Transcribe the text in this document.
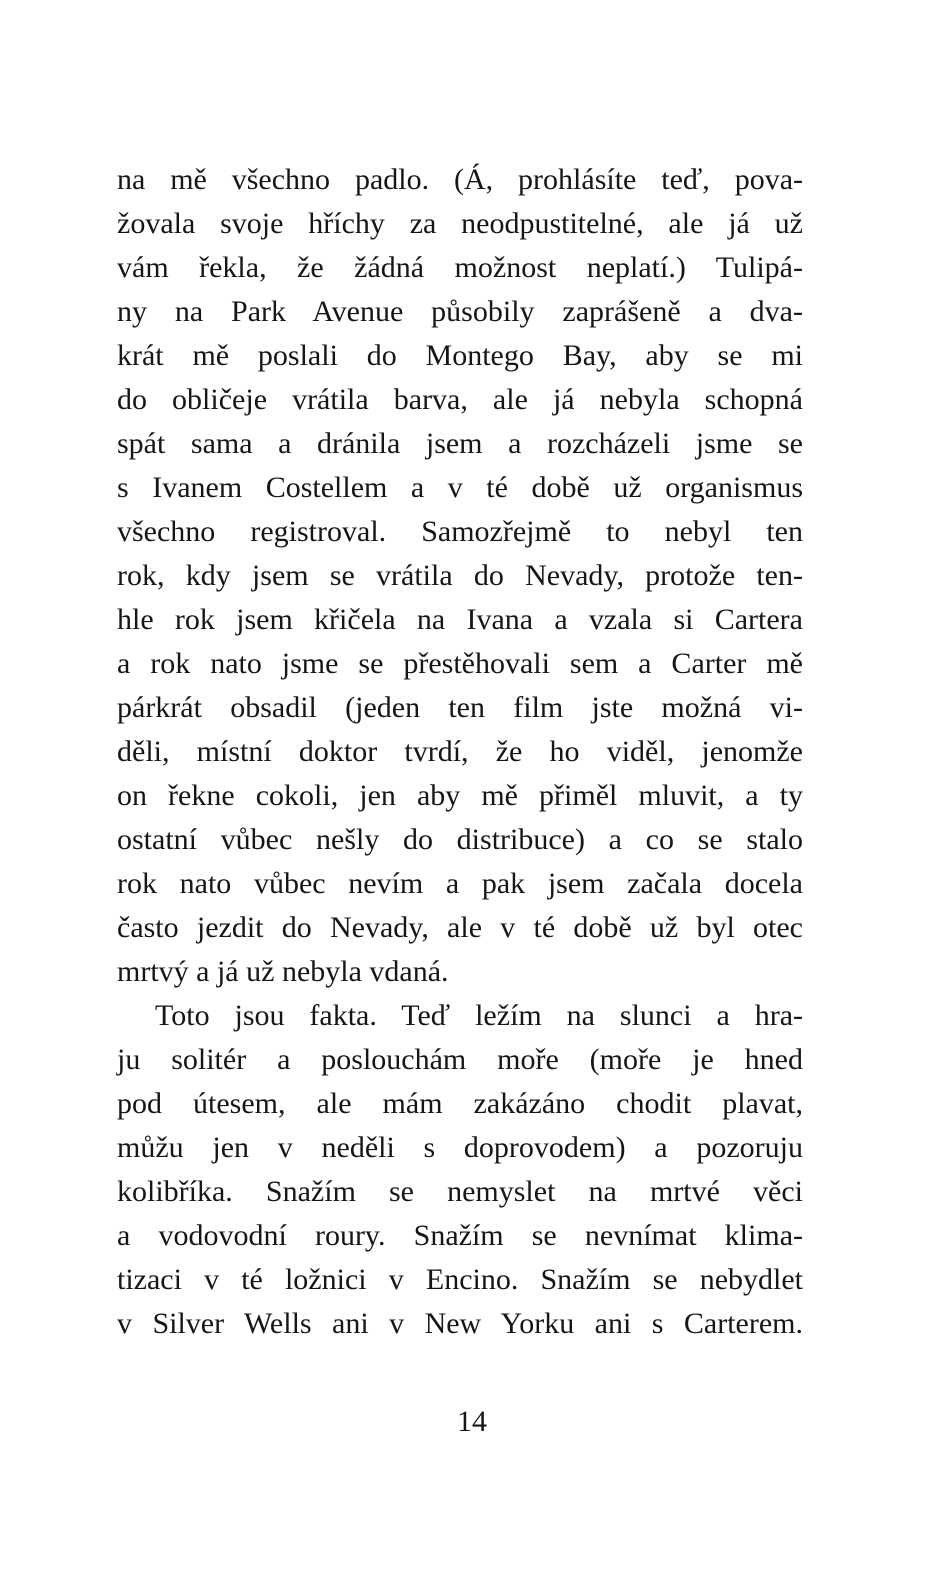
na mě všechno padlo. (Á, prohlásíte teď, pova-
žovala svoje hříchy za neodpustitelné, ale já už
vám řekla, že žádná možnost neplatí.) Tulipá-
ny na Park Avenue působily zaprášeně a dva-
krát mě poslali do Montego Bay, aby se mi
do obličeje vrátila barva, ale já nebyla schopná
spát sama a dránila jsem a rozcházeli jsme se
s Ivanem Costellem a v té době už organismus
všechno registroval. Samozřejmě to nebyl ten
rok, kdy jsem se vrátila do Nevady, protože ten-
hle rok jsem křičela na Ivana a vzala si Cartera
a rok nato jsme se přestěhovali sem a Carter mě
párkrát obsadil (jeden ten film jste možná vi-
děli, místní doktor tvrdí, že ho viděl, jenomže
on řekne cokoli, jen aby mě přiměl mluvit, a ty
ostatní vůbec nešly do distribuce) a co se stalo
rok nato vůbec nevím a pak jsem začala docela
často jezdit do Nevady, ale v té době už byl otec
mrtvý a já už nebyla vdaná.
Toto jsou fakta. Teď ležím na slunci a hra-
ju solitér a poslouchám moře (moře je hned
pod útesem, ale mám zakázáno chodit plavat,
můžu jen v neděli s doprovodem) a pozoruju
kolibříka. Snažím se nemyslet na mrtvé věci
a vodovodní roury. Snažím se nevnímat klima-
tizaci v té ložnici v Encino. Snažím se nebydlet
v Silver Wells ani v New Yorku ani s Carterem.
14
